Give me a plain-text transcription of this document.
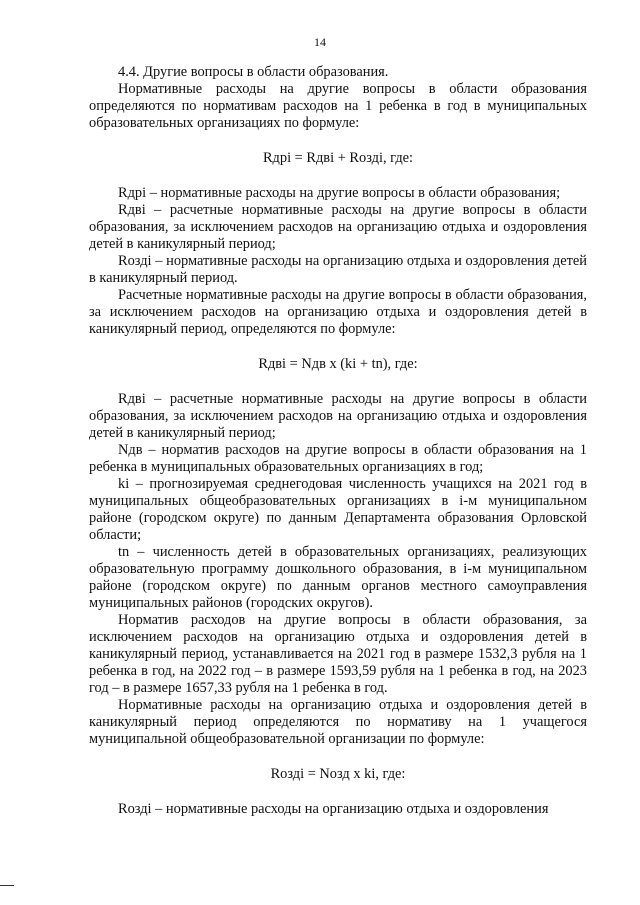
14

4.4. Другие вопросы в области образования.

Нормативные расходы на другие вопросы в области образования определяются по нормативам расходов на 1 ребенка в год в муниципальных образовательных организациях по формуле:

Rдрi = Rдвi + Rоздi, где:

Rдрi – нормативные расходы на другие вопросы в области образования;

Rдвi – расчетные нормативные расходы на другие вопросы в области образования, за исключением расходов на организацию отдыха и оздоровления детей в каникулярный период;

Rоздi – нормативные расходы на организацию отдыха и оздоровления детей в каникулярный период.

Расчетные нормативные расходы на другие вопросы в области образования, за исключением расходов на организацию отдыха и оздоровления детей в каникулярный период, определяются по формуле:

Rдвi = Nдв x (ki + tn), где:

Rдвi – расчетные нормативные расходы на другие вопросы в области образования, за исключением расходов на организацию отдыха и оздоровления детей в каникулярный период;

Nдв – норматив расходов на другие вопросы в области образования на 1 ребенка в муниципальных образовательных организациях в год;

ki – прогнозируемая среднегодовая численность учащихся на 2021 год в муниципальных общеобразовательных организациях в i-м муниципальном районе (городском округе) по данным Департамента образования Орловской области;

tn – численность детей в образовательных организациях, реализующих образовательную программу дошкольного образования, в i-м муниципальном районе (городском округе) по данным органов местного самоуправления муниципальных районов (городских округов).

Норматив расходов на другие вопросы в области образования, за исключением расходов на организацию отдыха и оздоровления детей в каникулярный период, устанавливается на 2021 год в размере 1532,3 рубля на 1 ребенка в год, на 2022 год – в размере 1593,59 рубля на 1 ребенка в год, на 2023 год – в размере 1657,33 рубля на 1 ребенка в год.

Нормативные расходы на организацию отдыха и оздоровления детей в каникулярный период определяются по нормативу на 1 учащегося муниципальной общеобразовательной организации по формуле:

Rоздi = Nозд x ki, где:

Rоздi – нормативные расходы на организацию отдыха и оздоровления
